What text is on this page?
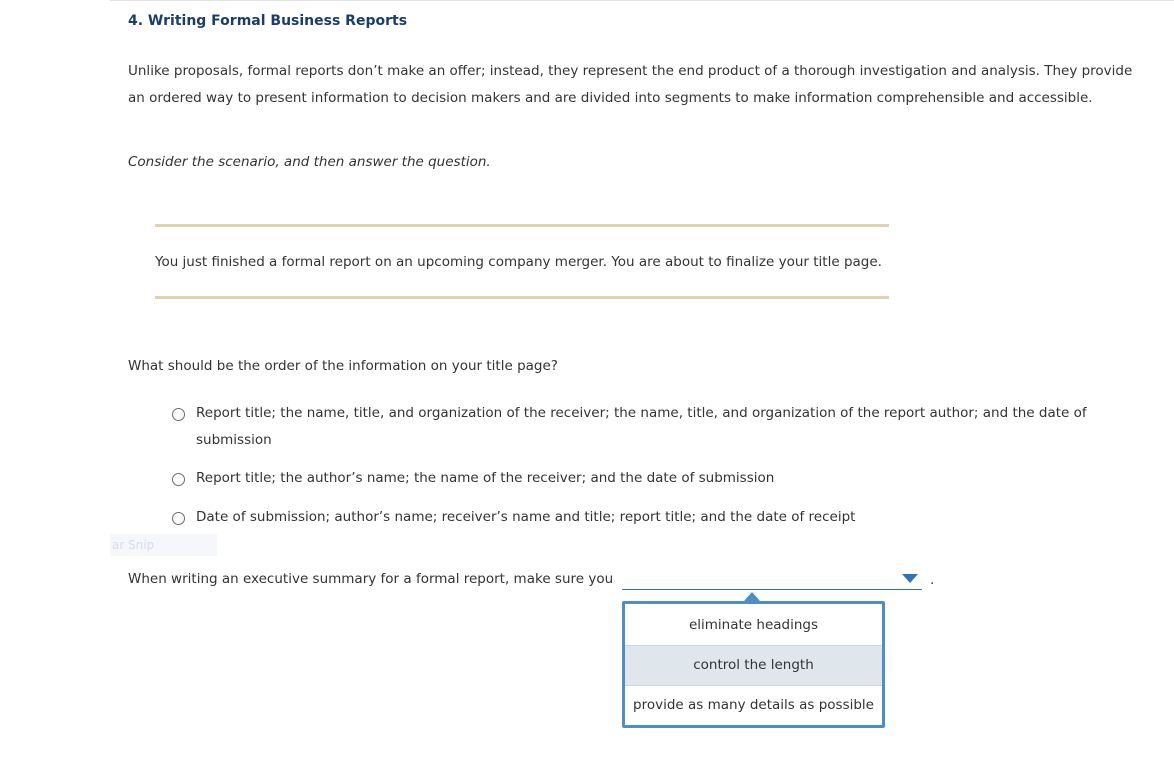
4. Writing Formal Business Reports
Unlike proposals, formal reports don’t make an offer; instead, they represent the end product of a thorough investigation and analysis. They provide
an ordered way to present information to decision makers and are divided into segments to make information comprehensible and accessible.
Consider the scenario, and then answer the question.
You just finished a formal report on an upcoming company merger. You are about to finalize your title page.
What should be the order of the information on your title page?
Report title; the name, title, and organization of the receiver; the name, title, and organization of the report author; and the date of
submission
Report title; the author’s name; the name of the receiver; and the date of submission
Date of submission; author’s name; receiver’s name and title; report title; and the date of receipt
ar Snip
When writing an executive summary for a formal report, make sure you	.
eliminate headings
control the length
provide as many details as possible
